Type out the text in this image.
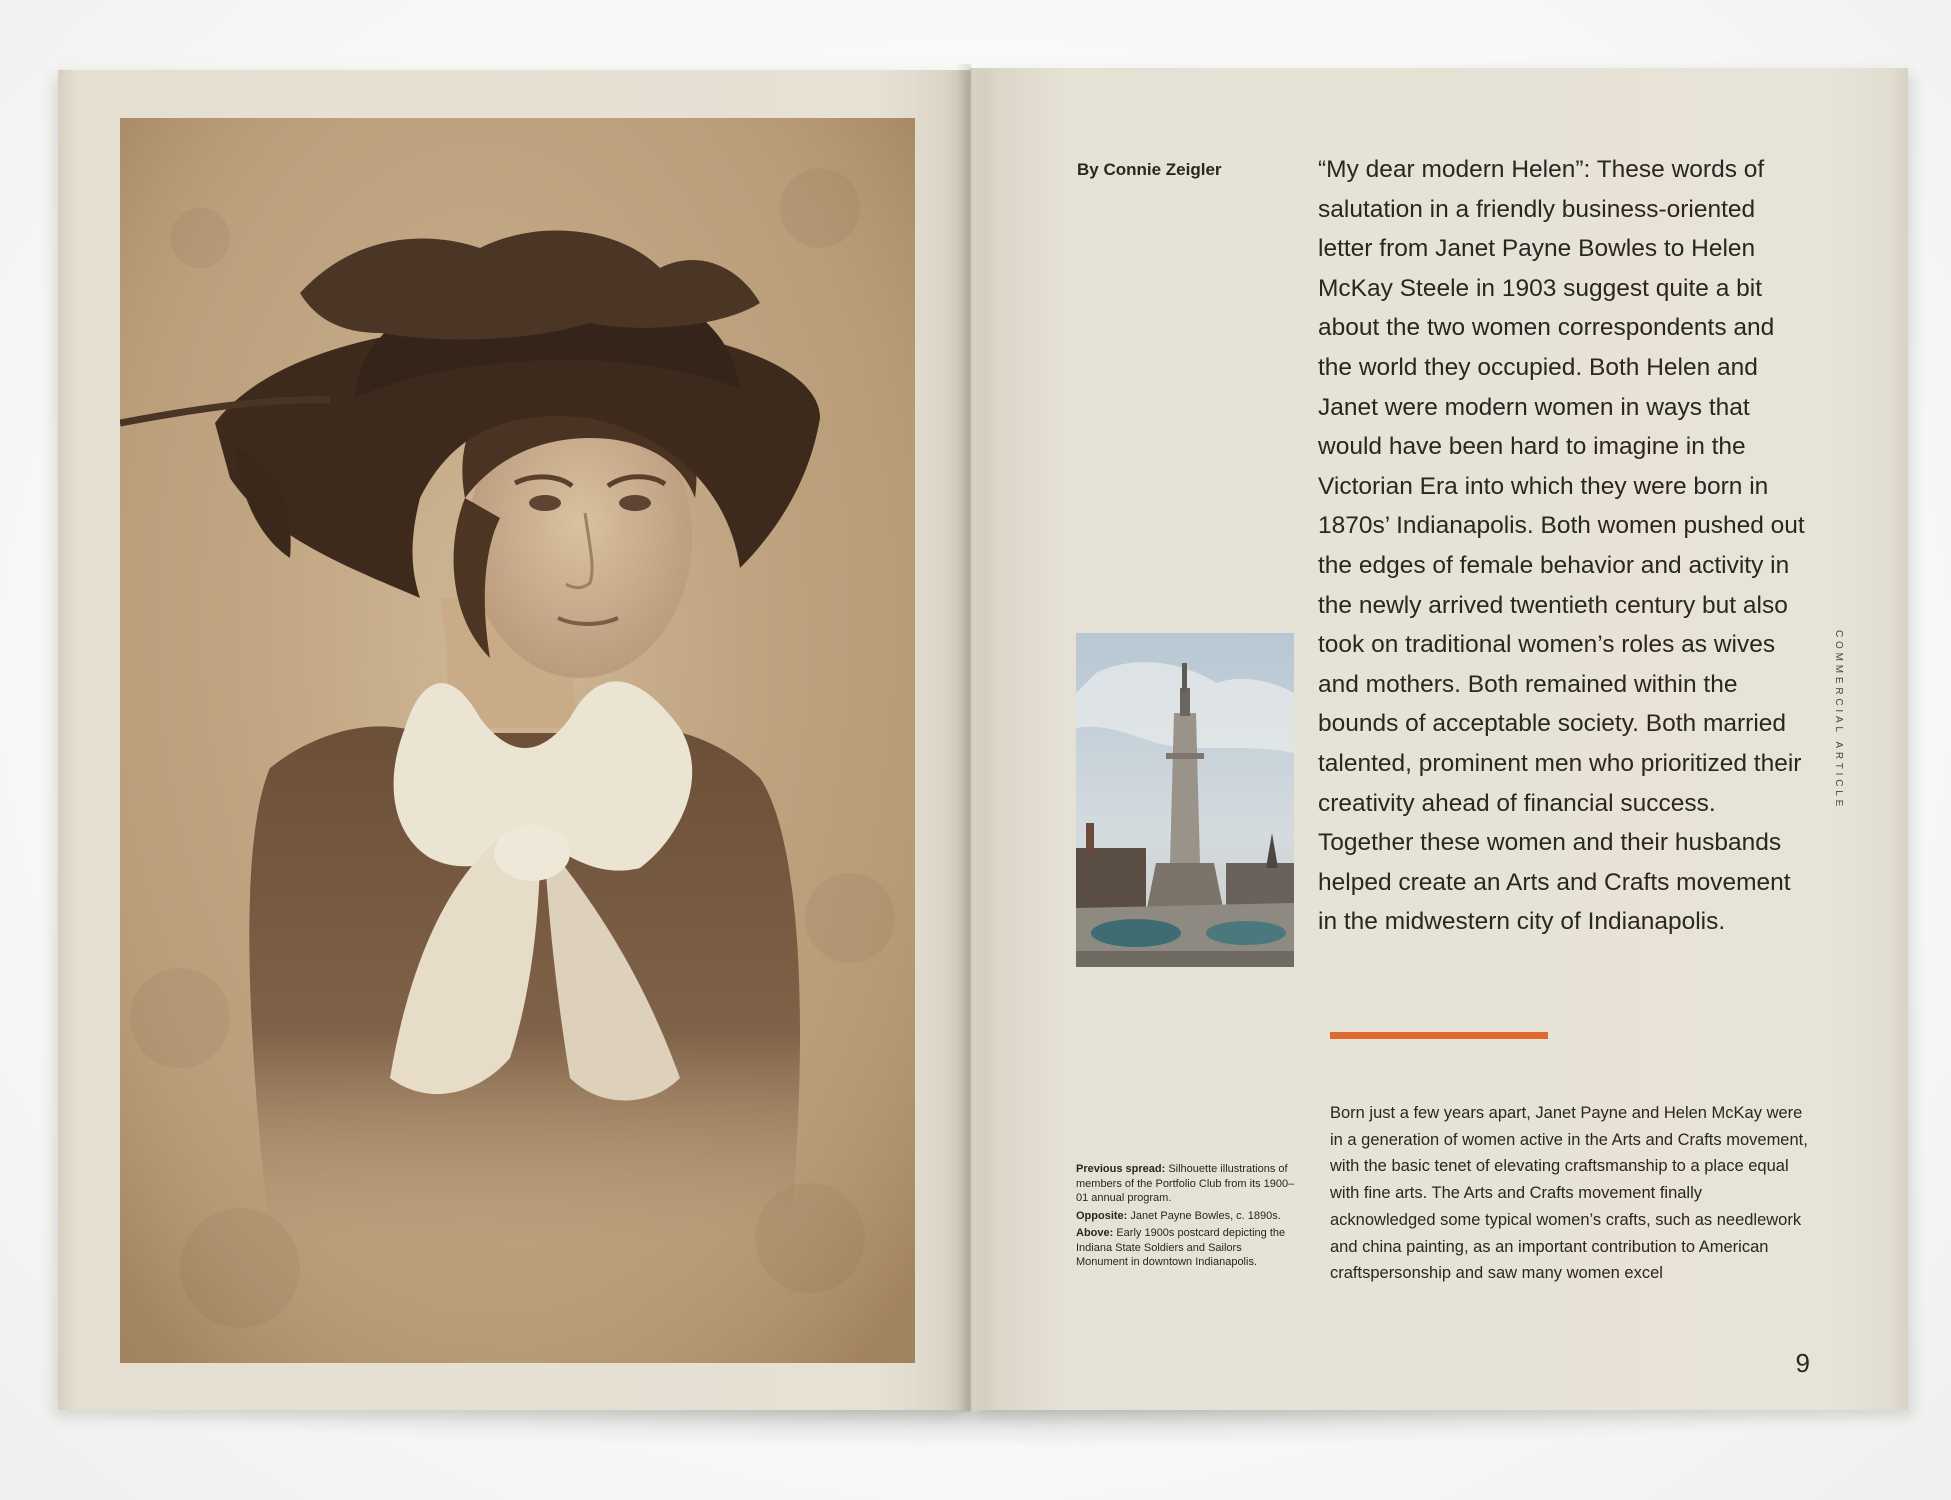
By Connie Zeigler	“My dear modern Helen”: These words of salutation in a friendly business-oriented letter from Janet Payne Bowles to Helen McKay Steele in 1903 suggest quite a bit about the two women correspondents and the world they occupied. Both Helen and Janet were modern women in ways that would have been hard to imagine in the Victorian Era into which they were born in 1870s’ Indianapolis. Both women pushed out the edges of female behavior and activity in the newly arrived twentieth century but also took on traditional women’s roles as wives and mothers. Both remained within the bounds of acceptable society. Both married talented, prominent men who prioritized their creativity ahead of financial success. Together these women and their husbands helped create an Arts and Crafts movement in the midwestern city of Indianapolis.

Born just a few years apart, Janet Payne and Helen McKay were in a generation of women active in the Arts and Crafts movement, with the basic tenet of elevating craftsmanship to a place equal with fine arts. The Arts and Crafts movement finally acknowledged some typical women’s crafts, such as needlework and china painting, as an important contribution to American craftspersonship and saw many women excel

Previous spread: Silhouette illustrations of members of the Portfolio Club from its 1900–01 annual program.

Opposite: Janet Payne Bowles, c. 1890s.

Above: Early 1900s postcard depicting the Indiana State Soldiers and Sailors Monument in downtown Indianapolis.

COMMERCIAL ARTICLE
9
